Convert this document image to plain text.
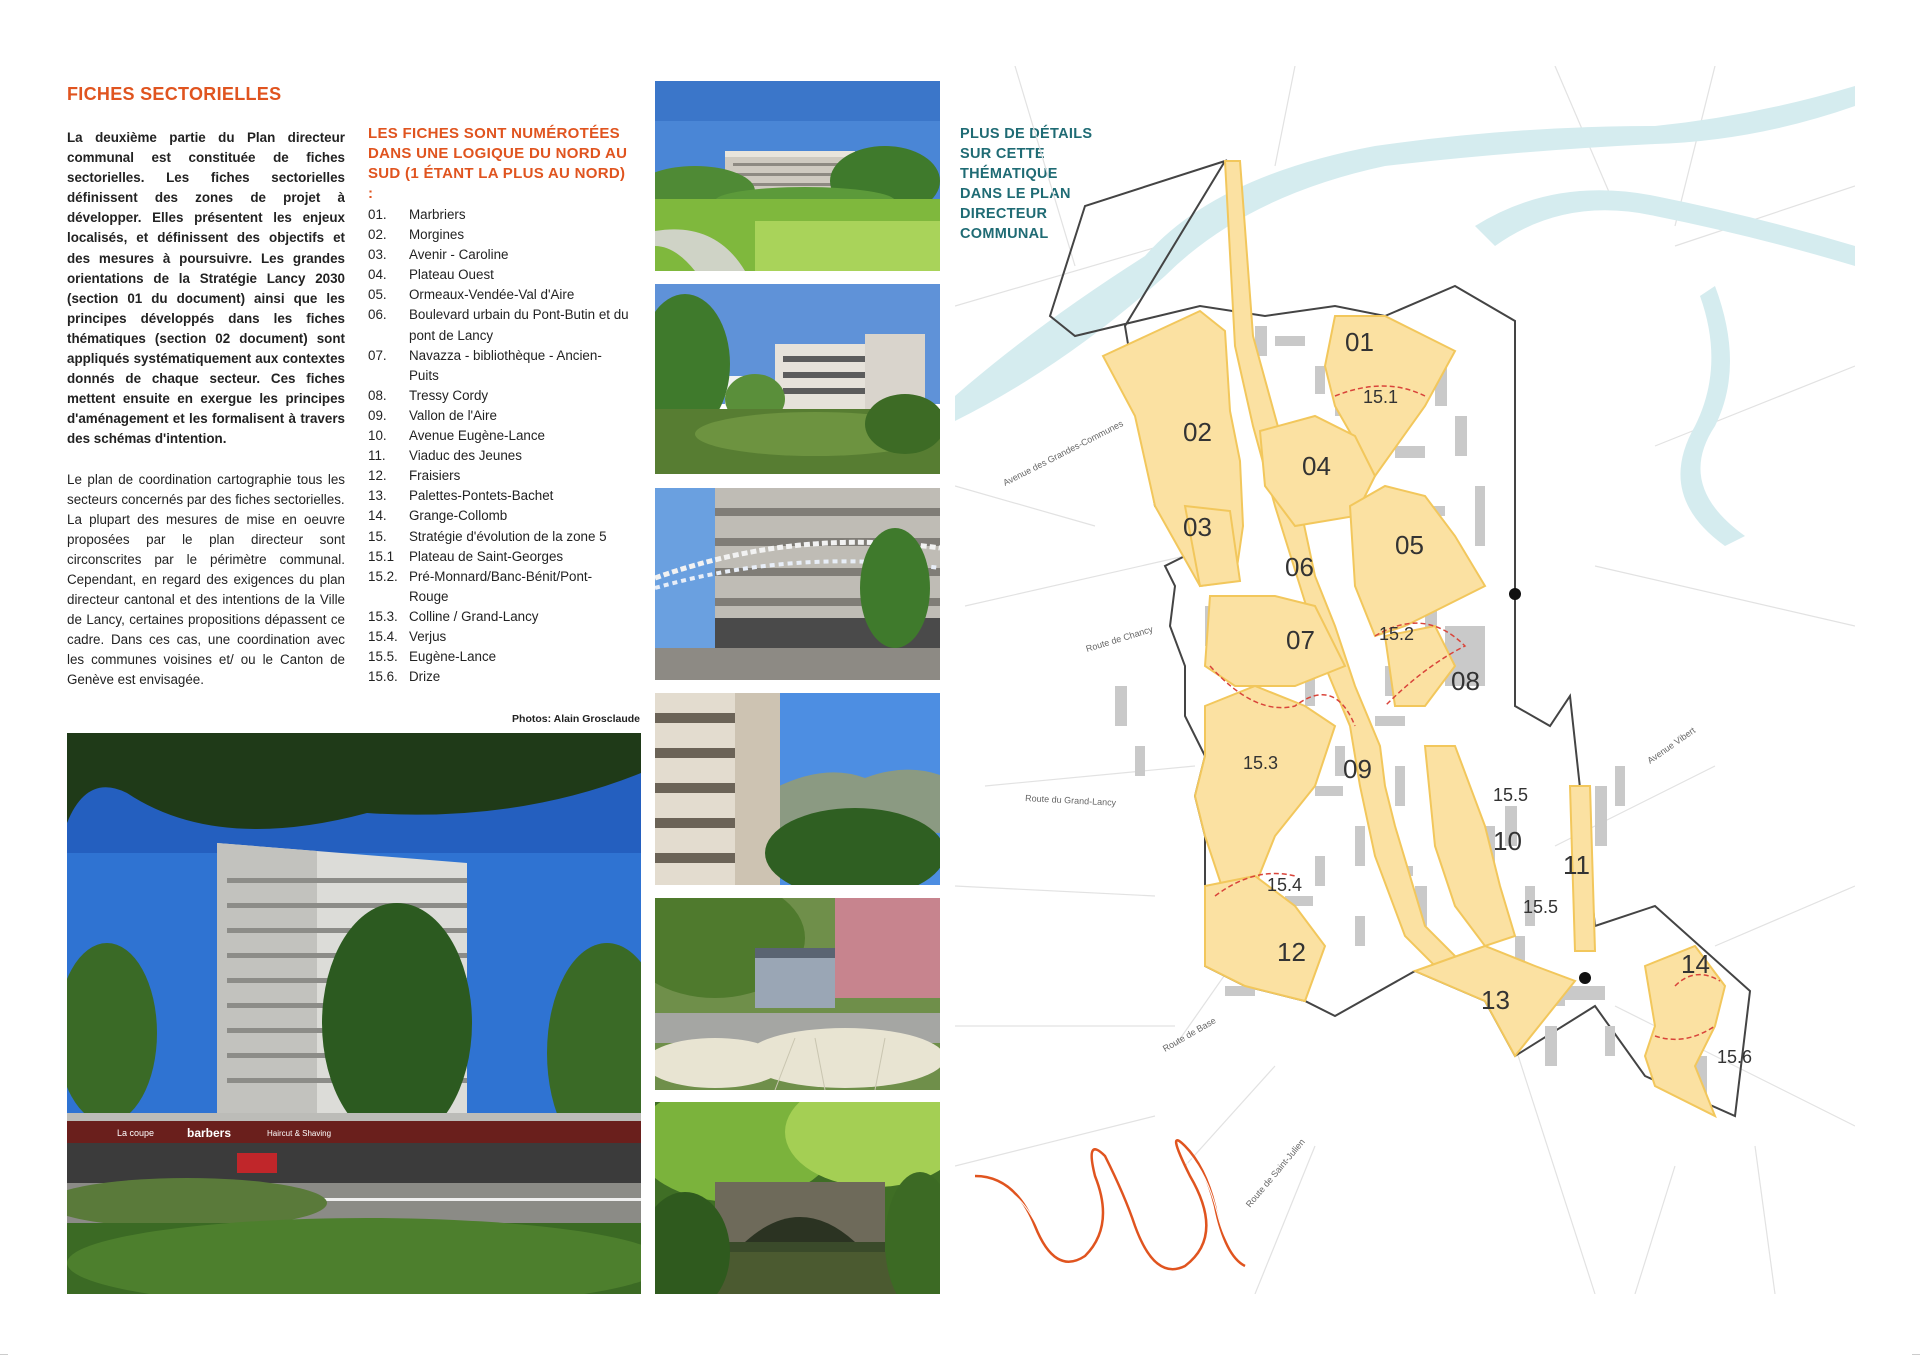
FICHES SECTORIELLES

La deuxième partie du Plan directeur communal est constituée de fiches sectorielles. Les fiches sectorielles définissent des zones de projet à développer. Elles présentent les enjeux localisés, et définissent des objectifs et des mesures à poursuivre. Les grandes orientations de la Stratégie Lancy 2030 (section 01 du document) ainsi que les principes développés dans les fiches thématiques (section 02 document) sont appliqués systématiquement aux contextes donnés de chaque secteur. Ces fiches mettent ensuite en exergue les principes d'aménagement et les formalisent à travers des schémas d'intention.

Le plan de coordination cartographie tous les secteurs concernés par des fiches sectorielles.

La plupart des mesures de mise en oeuvre proposées par le plan directeur sont circonscrites par le périmètre communal. Cependant, en regard des exigences du plan directeur cantonal et des intentions de la Ville de Lancy, certaines propositions dépassent ce cadre. Dans ces cas, une coordination avec les communes voisines et/ ou le Canton de Genève est envisagée.

LES FICHES SONT NUMÉROTÉES DANS UNE LOGIQUE DU NORD AU SUD (1 ÉTANT LA PLUS AU NORD) :
01.	Marbriers
02.	Morgines
03.	Avenir - Caroline
04.	Plateau Ouest
05.	Ormeaux-Vendée-Val d'Aire
06.	Boulevard urbain du Pont-Butin et du pont de Lancy
07.	Navazza - bibliothèque - Ancien-Puits
08.	Tressy Cordy
09.	Vallon de l'Aire
10.	Avenue Eugène-Lance
11.	Viaduc des Jeunes
12.	Fraisiers
13.	Palettes-Pontets-Bachet
14.	Grange-Collomb
15.	Stratégie d'évolution de la zone 5
15.1	Plateau de Saint-Georges
15.2. Pré-Monnard/Banc-Bénit/Pont-Rouge
15.3. Colline / Grand-Lancy
15.4. Verjus
15.5. Eugène-Lance
15.6. Drize
Photos: Alain Grosclaude
La coupe	barbers	Haircut & Shaving
PLUS DE DÉTAILS SUR CETTE THÉMATIQUE DANS LE PLAN DIRECTEUR COMMUNAL
01
02
03
04
05
06
07
08
09
10
11
12
13
14
15.1
15.2
15.3
15.4
15.5
15.5
15.6
Avenue des Grandes-Communes
Route de Chancy
Route du Grand-Lancy
Avenue Vibert
Route de Base
Route de Saint-Julien
